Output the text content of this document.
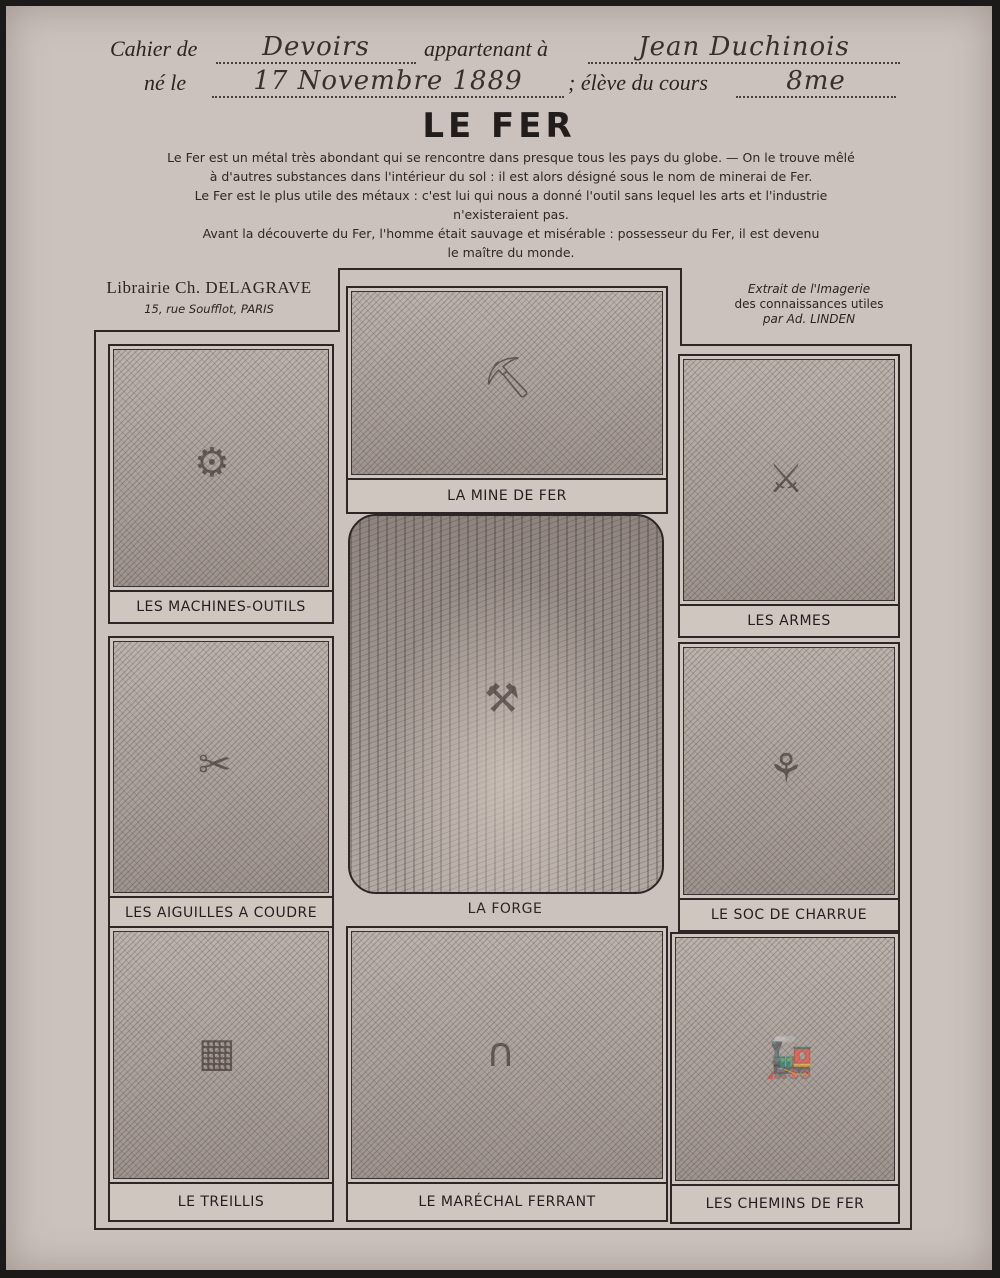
Cahier de	Devoirs	appartenant à	Jean Duchinois
né le	17 Novembre 1889	; élève du cours	8me
LE FER

Le Fer est un métal très abondant qui se rencontre dans presque tous les pays du globe. — On le trouve mêlé

à d'autres substances dans l'intérieur du sol : il est alors désigné sous le nom de minerai de Fer.

Le Fer est le plus utile des métaux : c'est lui qui nous a donné l'outil sans lequel les arts et l'industrie

n'existeraient pas.

Avant la découverte du Fer, l'homme était sauvage et misérable : possesseur du Fer, il est devenu

le maître du monde.

Librairie Ch. DELAGRAVE
15, rue Soufflot, PARIS
Extrait de l'Imagerie
des connaissances utiles
par Ad. LINDEN
⚙
LES MACHINES-OUTILS
⛏
LA MINE DE FER	⚔
LES ARMES
⚒
LA FORGE
✂
LES AIGUILLES A COUDRE
⚘
LE SOC DE CHARRUE
▦
LE TREILLIS
∩
LE MARÉCHAL FERRANT
🚂
LES CHEMINS DE FER
